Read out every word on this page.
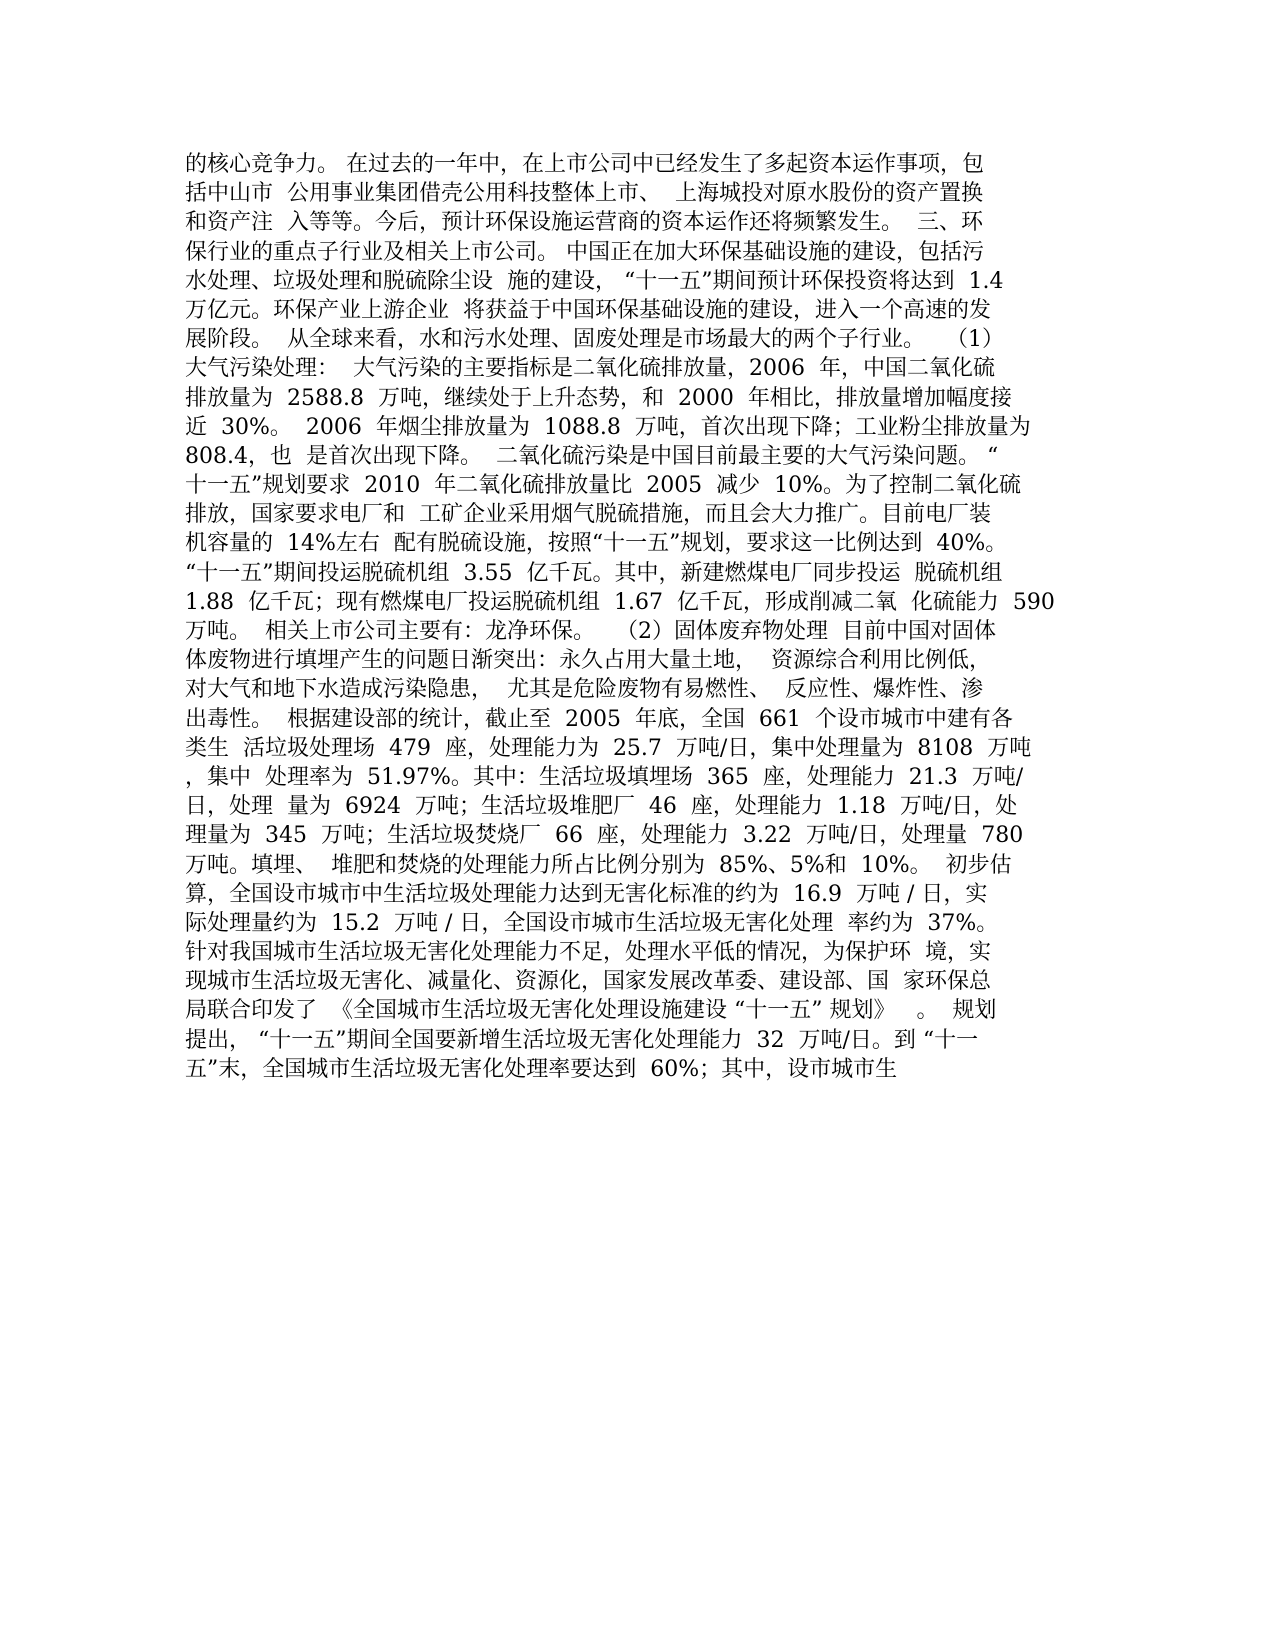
的核心竞争力。 在过去的一年中，在上市公司中已经发生了多起资本运作事项，包
括中山市  公用事业集团借壳公用科技整体上市、  上海城投对原水股份的资产置换
和资产注  入等等。今后，预计环保设施运营商的资本运作还将频繁发生。  三、环
保行业的重点子行业及相关上市公司。 中国正在加大环保基础设施的建设，包括污
水处理、垃圾处理和脱硫除尘设  施的建设， “十一五”期间预计环保投资将达到  1.4
万亿元。环保产业上游企业  将获益于中国环保基础设施的建设，进入一个高速的发
展阶段。  从全球来看，水和污水处理、固废处理是市场最大的两个子行业。   （1）
大气污染处理：  大气污染的主要指标是二氧化硫排放量，2006  年，中国二氧化硫
排放量为  2588.8  万吨，继续处于上升态势，和  2000  年相比，排放量增加幅度接
近  30%。  2006  年烟尘排放量为  1088.8  万吨，首次出现下降；工业粉尘排放量为
808.4，也  是首次出现下降。  二氧化硫污染是中国目前最主要的大气污染问题。 “
十一五”规划要求  2010  年二氧化硫排放量比  2005  减少  10%。为了控制二氧化硫
排放，国家要求电厂和  工矿企业采用烟气脱硫措施，而且会大力推广。目前电厂装
机容量的  14%左右  配有脱硫设施，按照“十一五”规划，要求这一比例达到  40%。
“十一五”期间投运脱硫机组  3.55  亿千瓦。其中，新建燃煤电厂同步投运  脱硫机组
1.88  亿千瓦；现有燃煤电厂投运脱硫机组  1.67  亿千瓦，形成削减二氧  化硫能力  590
万吨。  相关上市公司主要有：龙净环保。   （2）固体废弃物处理  目前中国对固体
体废物进行填埋产生的问题日渐突出：永久占用大量土地，  资源综合利用比例低，
对大气和地下水造成污染隐患，  尤其是危险废物有易燃性、  反应性、爆炸性、渗
出毒性。  根据建设部的统计，截止至  2005  年底，全国  661  个设市城市中建有各
类生  活垃圾处理场  479  座，处理能力为  25.7  万吨/日，集中处理量为  8108  万吨
，集中  处理率为  51.97%。其中：生活垃圾填埋场  365  座，处理能力  21.3  万吨/
日，处理  量为  6924  万吨；生活垃圾堆肥厂  46  座，处理能力  1.18  万吨/日，处
理量为  345  万吨；生活垃圾焚烧厂  66  座，处理能力  3.22  万吨/日，处理量  780
万吨。填埋、  堆肥和焚烧的处理能力所占比例分别为  85%、5%和  10%。  初步估
算，全国设市城市中生活垃圾处理能力达到无害化标准的约为  16.9  万吨 / 日，实
际处理量约为  15.2  万吨 / 日，全国设市城市生活垃圾无害化处理  率约为  37%。
针对我国城市生活垃圾无害化处理能力不足，处理水平低的情况，为保护环  境，实
现城市生活垃圾无害化、减量化、资源化，国家发展改革委、建设部、国  家环保总
局联合印发了  《全国城市生活垃圾无害化处理设施建设 “十一五” 规划》   。  规划
提出， “十一五”期间全国要新增生活垃圾无害化处理能力  32  万吨/日。到 “十一
五”末，全国城市生活垃圾无害化处理率要达到  60%；其中，设市城市生
